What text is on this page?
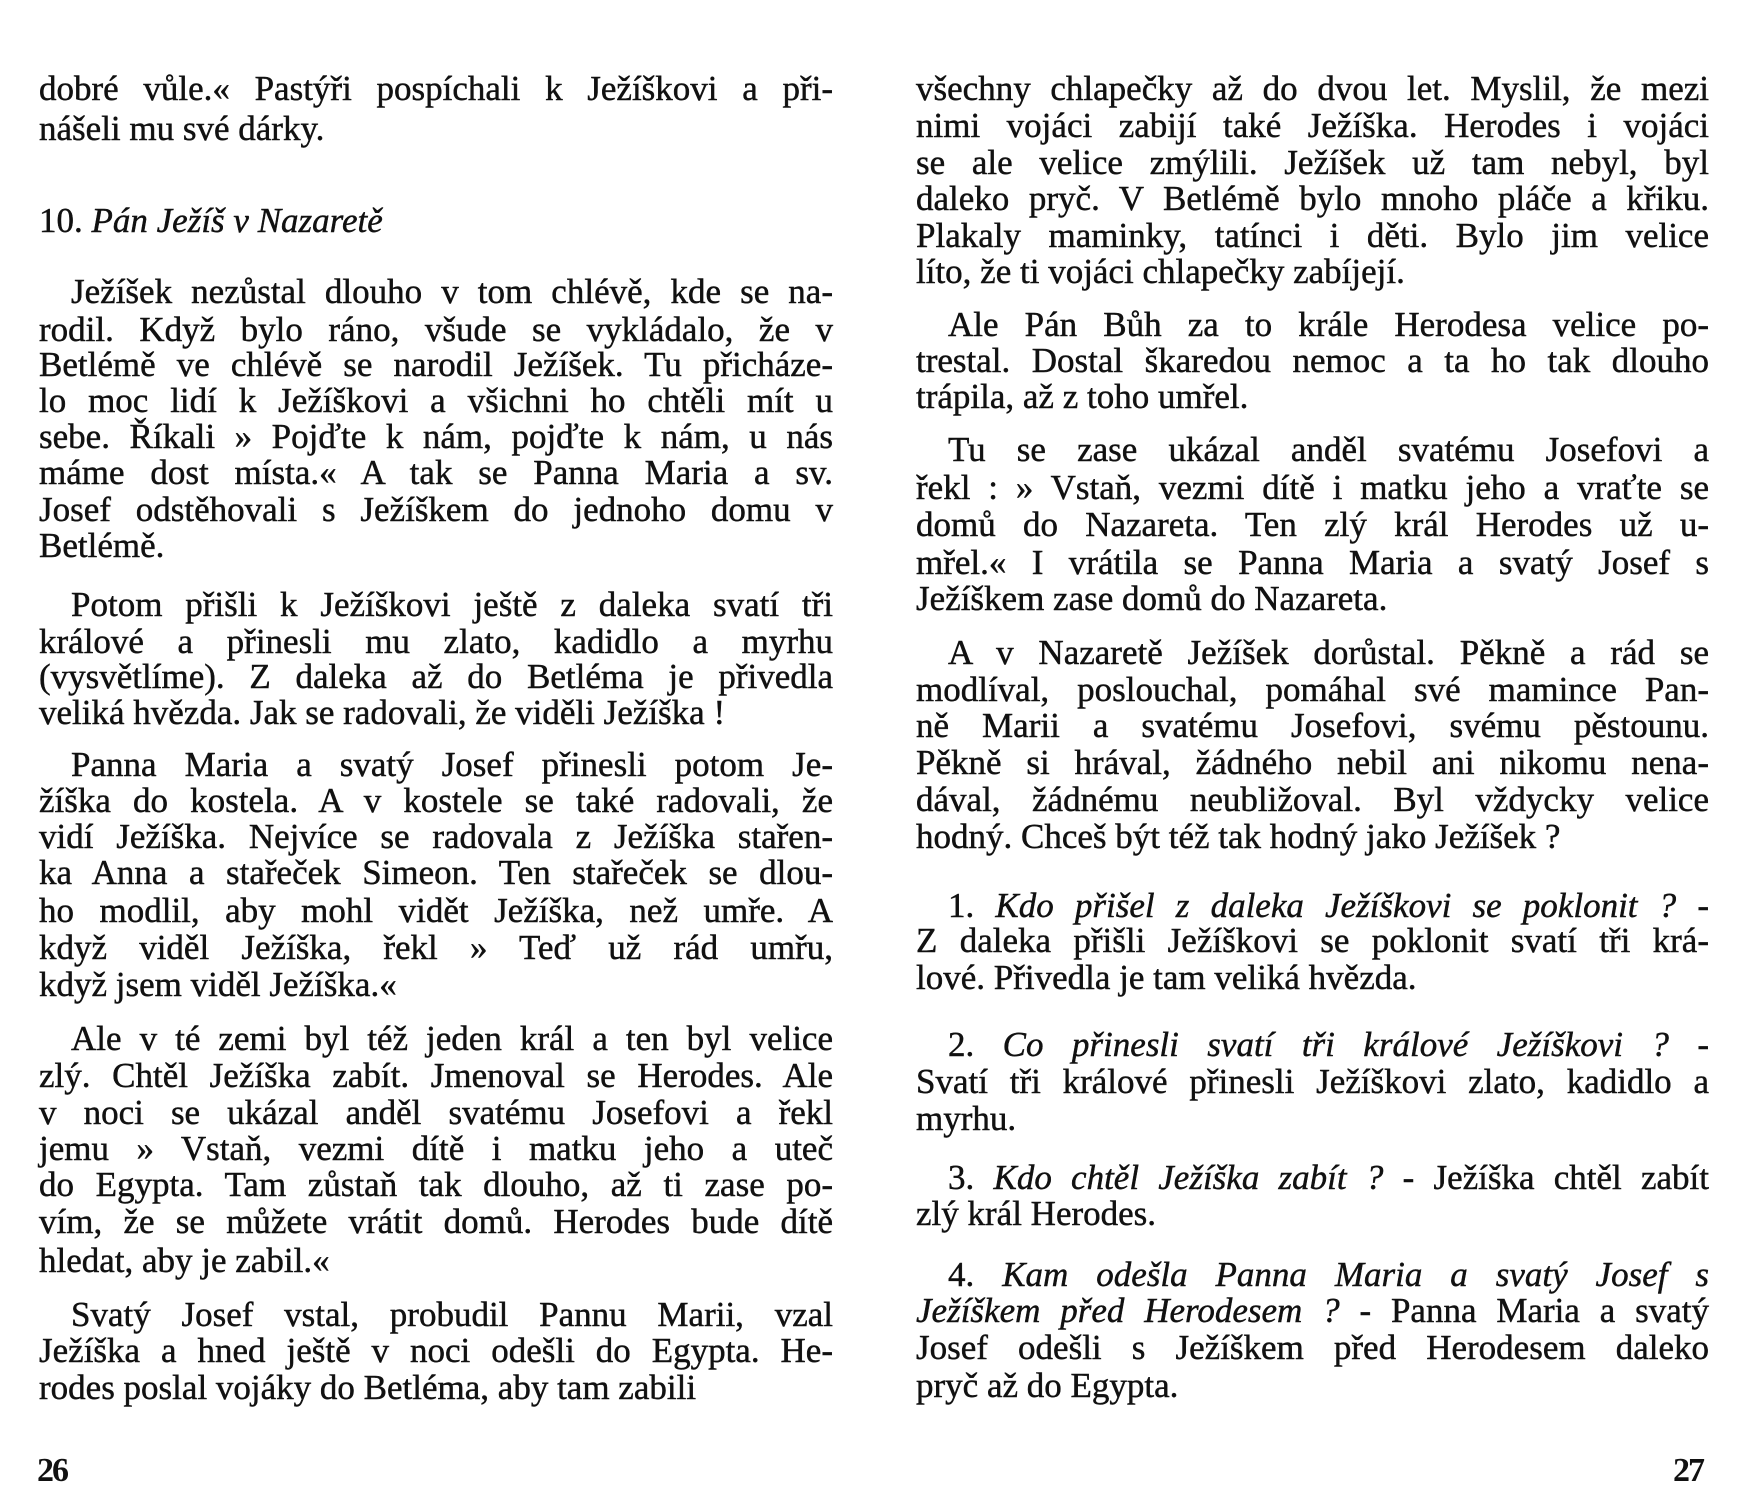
dobré vůle.« Pastýři pospíchali k Ježíškovi a při-
nášeli mu své dárky.
10. Pán Ježíš v Nazaretě
Ježíšek nezůstal dlouho v tom chlévě, kde se na-
rodil. Když bylo ráno, všude se vykládalo, že v
Betlémě ve chlévě se narodil Ježíšek. Tu přicháze-
lo moc lidí k Ježíškovi a všichni ho chtěli mít u
sebe. Říkali » Pojďte k nám, pojďte k nám, u nás
máme dost místa.« A tak se Panna Maria a sv.
Josef odstěhovali s Ježíškem do jednoho domu v
Betlémě.
Potom přišli k Ježíškovi ještě z daleka svatí tři
králové a přinesli mu zlato, kadidlo a myrhu
(vysvětlíme). Z daleka až do Betléma je přivedla
veliká hvězda. Jak se radovali, že viděli Ježíška !
Panna Maria a svatý Josef přinesli potom Je-
žíška do kostela. A v kostele se také radovali, že
vidí Ježíška. Nejvíce se radovala z Ježíška stařen-
ka Anna a stařeček Simeon. Ten stařeček se dlou-
ho modlil, aby mohl vidět Ježíška, než umře. A
když viděl Ježíška, řekl » Teď už rád umřu,
když jsem viděl Ježíška.«
Ale v té zemi byl též jeden král a ten byl velice
zlý. Chtěl Ježíška zabít. Jmenoval se Herodes. Ale
v noci se ukázal anděl svatému Josefovi a řekl
jemu » Vstaň, vezmi dítě i matku jeho a uteč
do Egypta. Tam zůstaň tak dlouho, až ti zase po-
vím, že se můžete vrátit domů. Herodes bude dítě
hledat, aby je zabil.«
Svatý Josef vstal, probudil Pannu Marii, vzal
Ježíška a hned ještě v noci odešli do Egypta. He-
rodes poslal vojáky do Betléma, aby tam zabili
26
všechny chlapečky až do dvou let. Myslil, že mezi
nimi vojáci zabijí také Ježíška. Herodes i vojáci
se ale velice zmýlili. Ježíšek už tam nebyl, byl
daleko pryč. V Betlémě bylo mnoho pláče a křiku.
Plakaly maminky, tatínci i děti. Bylo jim velice
líto, že ti vojáci chlapečky zabíjejí.
Ale Pán Bůh za to krále Herodesa velice po-
trestal. Dostal škaredou nemoc a ta ho tak dlouho
trápila, až z toho umřel.
Tu se zase ukázal anděl svatému Josefovi a
řekl : » Vstaň, vezmi dítě i matku jeho a vraťte se
domů do Nazareta. Ten zlý král Herodes už u-
mřel.« I vrátila se Panna Maria a svatý Josef s
Ježíškem zase domů do Nazareta.
A v Nazaretě Ježíšek dorůstal. Pěkně a rád se
modlíval, poslouchal, pomáhal své mamince Pan-
ně Marii a svatému Josefovi, svému pěstounu.
Pěkně si hrával, žádného nebil ani nikomu nena-
dával, žádnému neubližoval. Byl vždycky velice
hodný. Chceš být též tak hodný jako Ježíšek ?
1. Kdo přišel z daleka Ježíškovi se poklonit ? -
Z daleka přišli Ježíškovi se poklonit svatí tři krá-
lové. Přivedla je tam veliká hvězda.
2. Co přinesli svatí tři králové Ježíškovi ? -
Svatí tři králové přinesli Ježíškovi zlato, kadidlo a
myrhu.
3. Kdo chtěl Ježíška zabít ? - Ježíška chtěl zabít
zlý král Herodes.
4. Kam odešla Panna Maria a svatý Josef s
Ježíškem před Herodesem ? - Panna Maria a svatý
Josef odešli s Ježíškem před Herodesem daleko
pryč až do Egypta.
27
